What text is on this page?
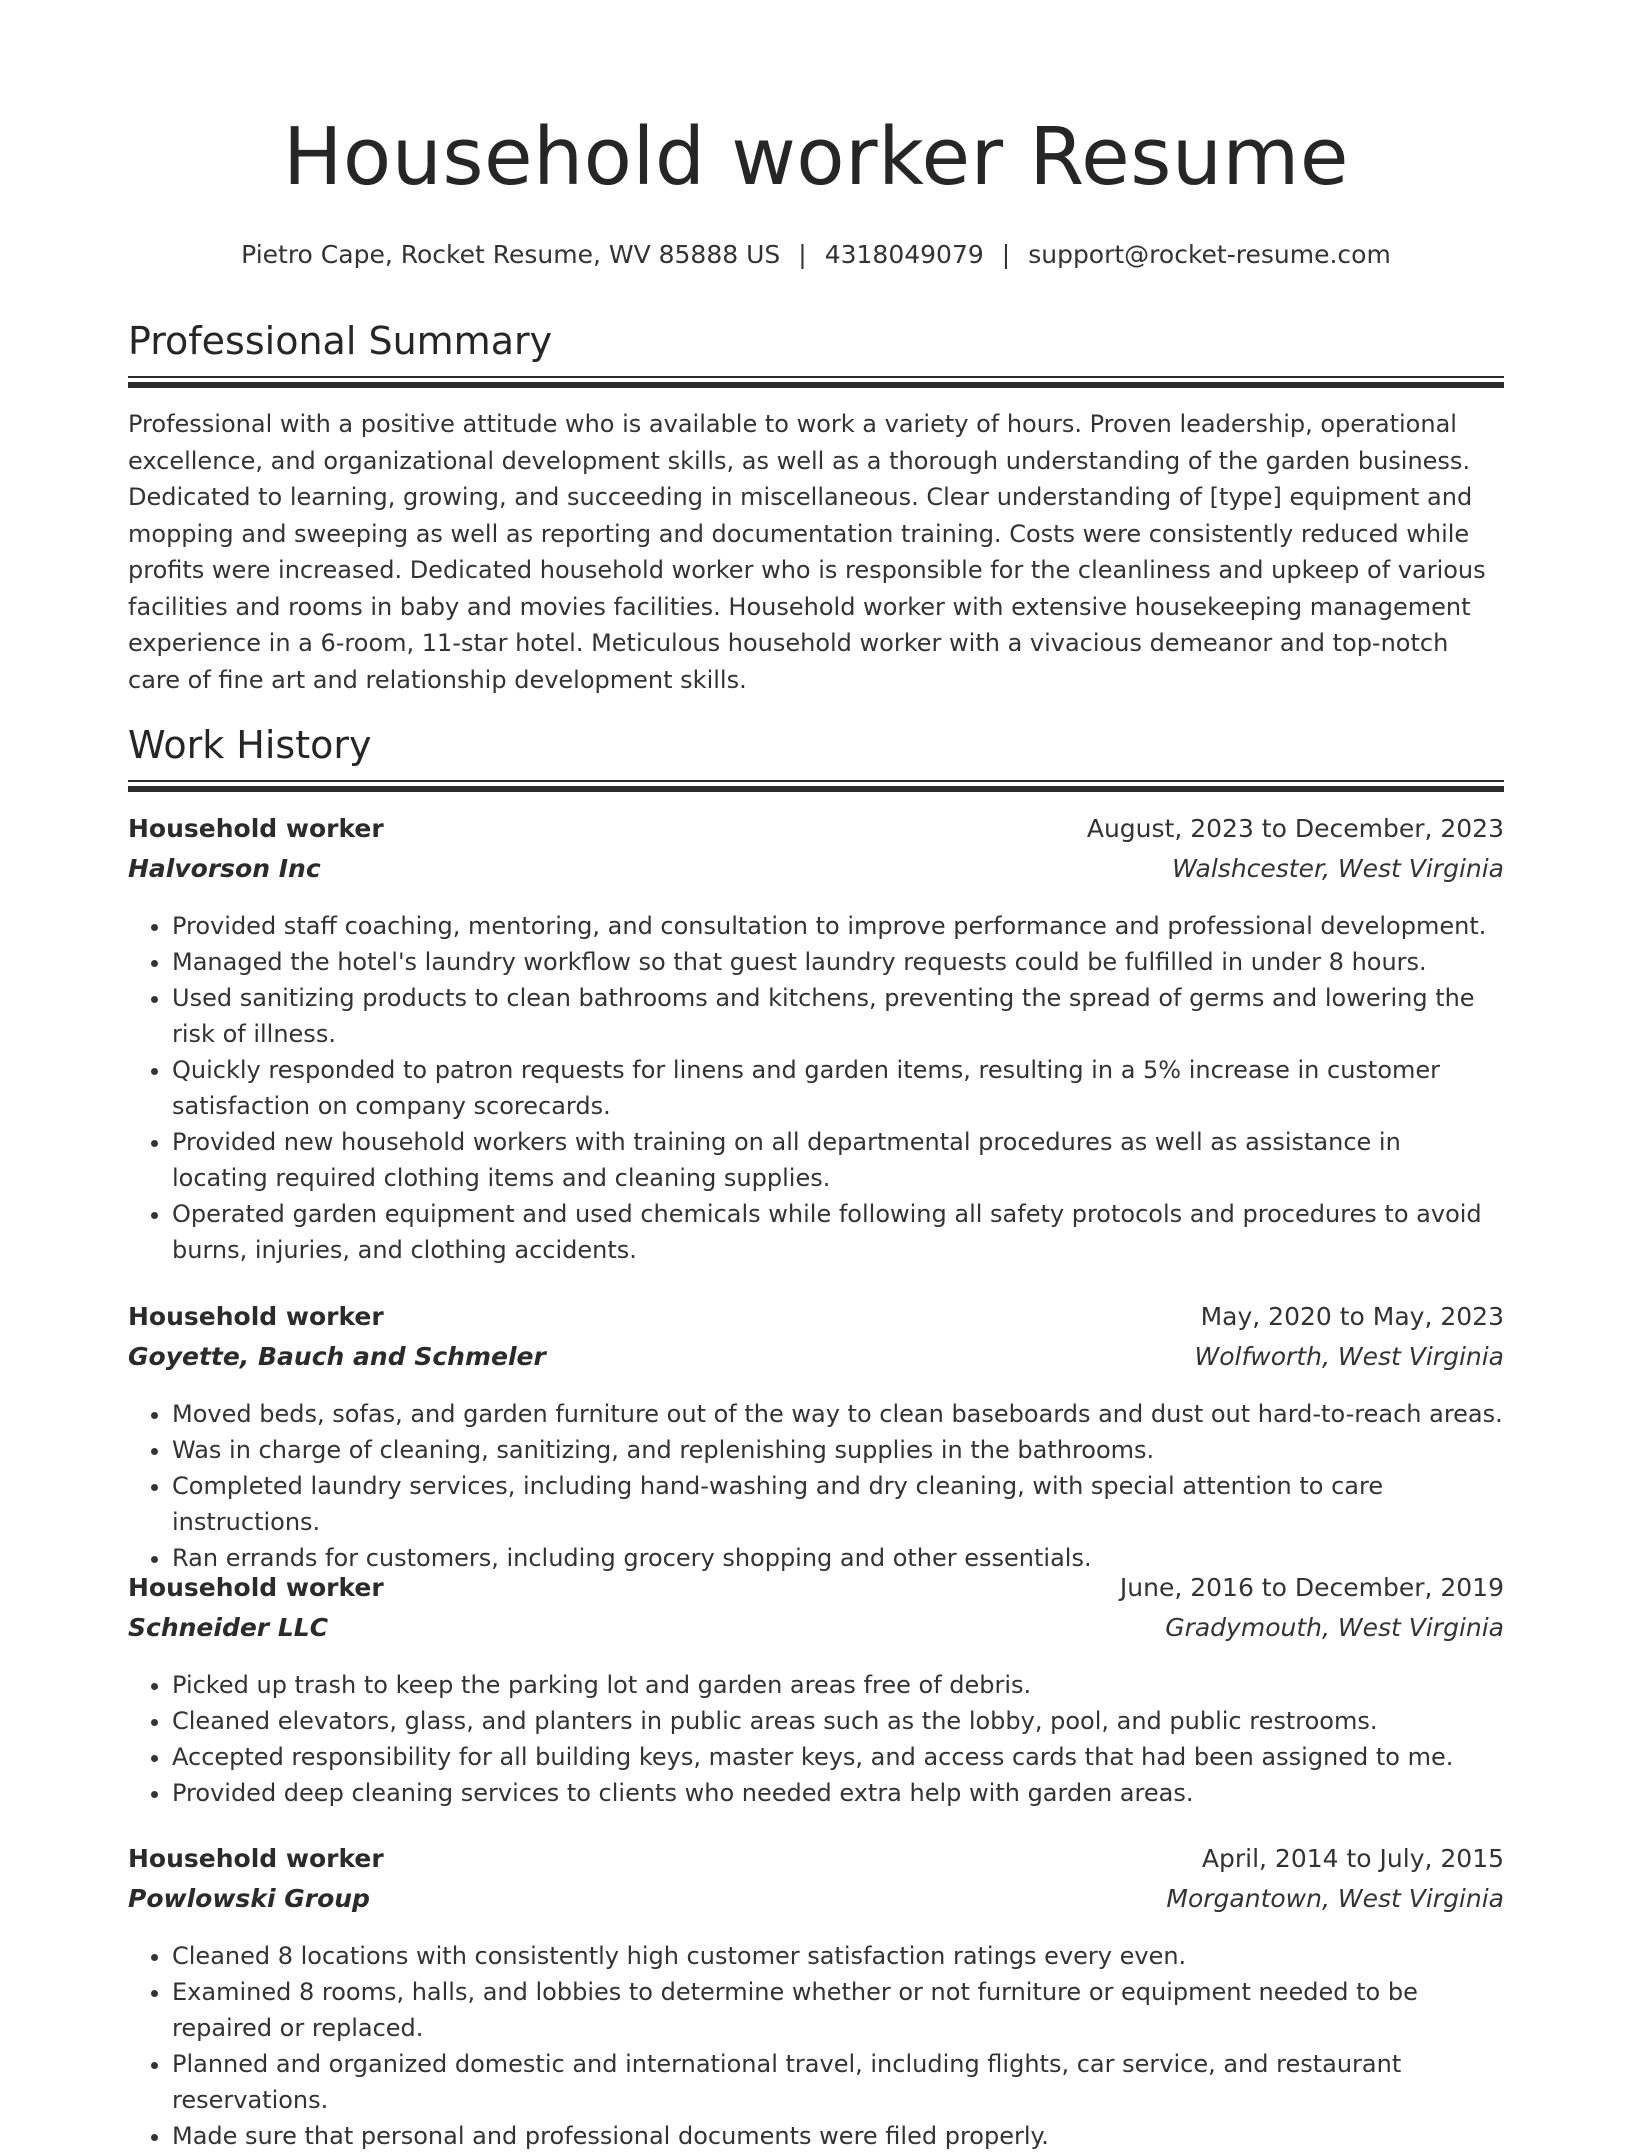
Household worker Resume
Pietro Cape, Rocket Resume, WV 85888 US | 4318049079 | support@rocket-resume.com
Professional Summary

Professional with a positive attitude who is available to work a variety of hours. Proven leadership, operational excellence, and organizational development skills, as well as a thorough understanding of the garden business. Dedicated to learning, growing, and succeeding in miscellaneous. Clear understanding of [type] equipment and mopping and sweeping as well as reporting and documentation training. Costs were consistently reduced while profits were increased. Dedicated household worker who is responsible for the cleanliness and upkeep of various facilities and rooms in baby and movies facilities. Household worker with extensive housekeeping management experience in a 6-room, 11-star hotel. Meticulous household worker with a vivacious demeanor and top-notch care of fine art and relationship development skills.

Work History
Household worker	August, 2023 to December, 2023
Halvorson Inc	Walshcester, West Virginia
• Provided staff coaching, mentoring, and consultation to improve performance and professional development.
• Managed the hotel's laundry workflow so that guest laundry requests could be fulfilled in under 8 hours.
• Used sanitizing products to clean bathrooms and kitchens, preventing the spread of germs and lowering the risk of illness.
• Quickly responded to patron requests for linens and garden items, resulting in a 5% increase in customer satisfaction on company scorecards.
• Provided new household workers with training on all departmental procedures as well as assistance in locating required clothing items and cleaning supplies.
• Operated garden equipment and used chemicals while following all safety protocols and procedures to avoid burns, injuries, and clothing accidents.
Household worker	May, 2020 to May, 2023
Goyette, Bauch and Schmeler	Wolfworth, West Virginia
• Moved beds, sofas, and garden furniture out of the way to clean baseboards and dust out hard-to-reach areas.
• Was in charge of cleaning, sanitizing, and replenishing supplies in the bathrooms.
• Completed laundry services, including hand-washing and dry cleaning, with special attention to care instructions.
• Ran errands for customers, including grocery shopping and other essentials.
Household worker	June, 2016 to December, 2019
Schneider LLC	Gradymouth, West Virginia
• Picked up trash to keep the parking lot and garden areas free of debris.
• Cleaned elevators, glass, and planters in public areas such as the lobby, pool, and public restrooms.
• Accepted responsibility for all building keys, master keys, and access cards that had been assigned to me.
• Provided deep cleaning services to clients who needed extra help with garden areas.
Household worker	April, 2014 to July, 2015
Powlowski Group	Morgantown, West Virginia
• Cleaned 8 locations with consistently high customer satisfaction ratings every even.
• Examined 8 rooms, halls, and lobbies to determine whether or not furniture or equipment needed to be repaired or replaced.
• Planned and organized domestic and international travel, including flights, car service, and restaurant reservations.
• Made sure that personal and professional documents were filed properly.
